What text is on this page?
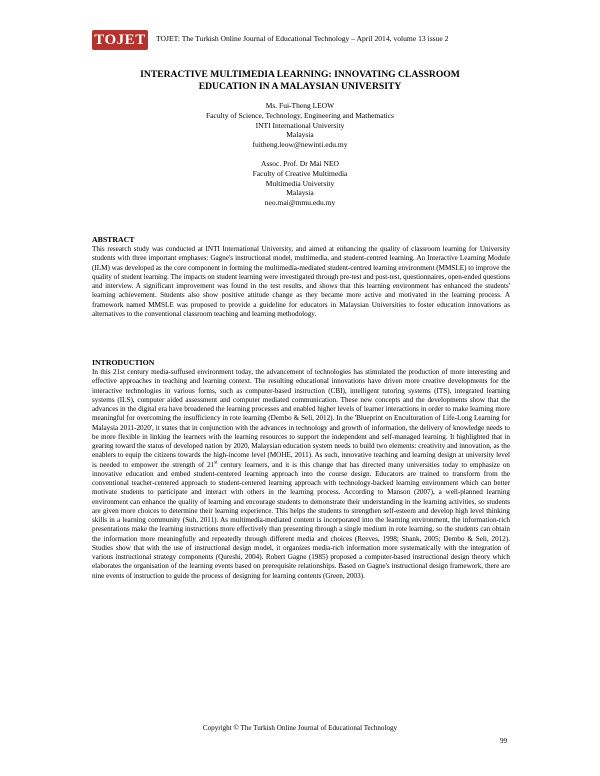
TOJET	TOJET: The Turkish Online Journal of Educational Technology – April 2014, volume 13 issue 2
INTERACTIVE MULTIMEDIA LEARNING: INNOVATING CLASSROOM
EDUCATION IN A MALAYSIAN UNIVERSITY
Ms. Fui-Theng LEOW
Faculty of Science, Technology, Engineering and Mathematics
INTI International University
Malaysia
fuitheng.leow@newinti.edu.my
Assoc. Prof. Dr Mai NEO
Faculty of Creative Multimedia
Multimedia University
Malaysia
neo.mai@mmu.edu.my

ABSTRACT

This research study was conducted at INTI International University, and aimed at enhancing the quality of classroom learning for University students with three important emphases: Gagne's instructional model, multimedia, and student-centred learning. An Interactive Learning Module (ILM) was developed as the core component in forming the multimedia-mediated student-centred learning environment (MMSLE) to improve the quality of student learning. The impacts on student learning were investigated through pre-test and post-test, questionnaires, open-ended questions and interview. A significant improvement was found in the test results, and shows that this learning environment has enhanced the students' learning achievement. Students also show positive attitude change as they became more active and motivated in the learning process. A framework named MMSLE was proposed to provide a guideline for educators in Malaysian Universities to foster education innovations as alternatives to the conventional classroom teaching and learning methodology.

INTRODUCTION

In this 21st century media-suffused environment today, the advancement of technologies has stimulated the production of more interesting and effective approaches in teaching and learning context. The resulting educational innovations have driven more creative developments for the interactive technologies in various forms, such as computer-based instruction (CBI), intelligent tutoring systems (ITS), integrated learning systems (ILS), computer aided assessment and computer mediated communication. These new concepts and the developments show that the advances in the digital era have broadened the learning processes and enabled higher levels of learner interactions in order to make learning more meaningful for overcoming the insufficiency in rote learning (Dembo & Seli, 2012). In the 'Blueprint on Enculturation of Life-Long Learning for Malaysia 2011-2020', it states that in conjunction with the advances in technology and growth of information, the delivery of knowledge needs to be more flexible in linking the learners with the learning resources to support the independent and self-managed learning. It highlighted that in gearing toward the status of developed nation by 2020, Malaysian education system needs to build two elements: creativity and innovation, as the enablers to equip the citizens towards the high-income level (MOHE, 2011). As such, innovative teaching and learning design at university level is needed to empower the strength of 21st century learners, and it is this change that has directed many universities today to emphasize on innovative education and embed student-centered learning approach into the course design. Educators are trained to transform from the conventional teacher-centered approach to student-centered learning approach with technology-backed learning environment which can better motivate students to participate and interact with others in the learning process. According to Manson (2007), a well-planned learning environment can enhance the quality of learning and encourage students to demonstrate their understanding in the learning activities, so students are given more choices to determine their learning experience. This helps the students to strengthen self-esteem and develop high level thinking skills in a learning community (Suh, 2011). As multimedia-mediated content is incorporated into the learning environment, the information-rich presentations make the learning instructions more effectively than presenting through a single medium in rote learning, so the students can obtain the information more meaningfully and repeatedly through different media and choices (Reeves, 1998; Shank, 2005; Dembo & Seli, 2012). Studies show that with the use of instructional design model, it organizes media-rich information more systematically with the integration of various instructional strategy components (Qureshi, 2004). Robert Gagne (1985) proposed a computer-based instructional design theory which elaborates the organisation of the learning events based on prerequisite relationships. Based on Gagne's instructional design framework, there are nine events of instruction to guide the process of designing for learning contents (Green, 2003).

Copyright © The Turkish Online Journal of Educational Technology
99
